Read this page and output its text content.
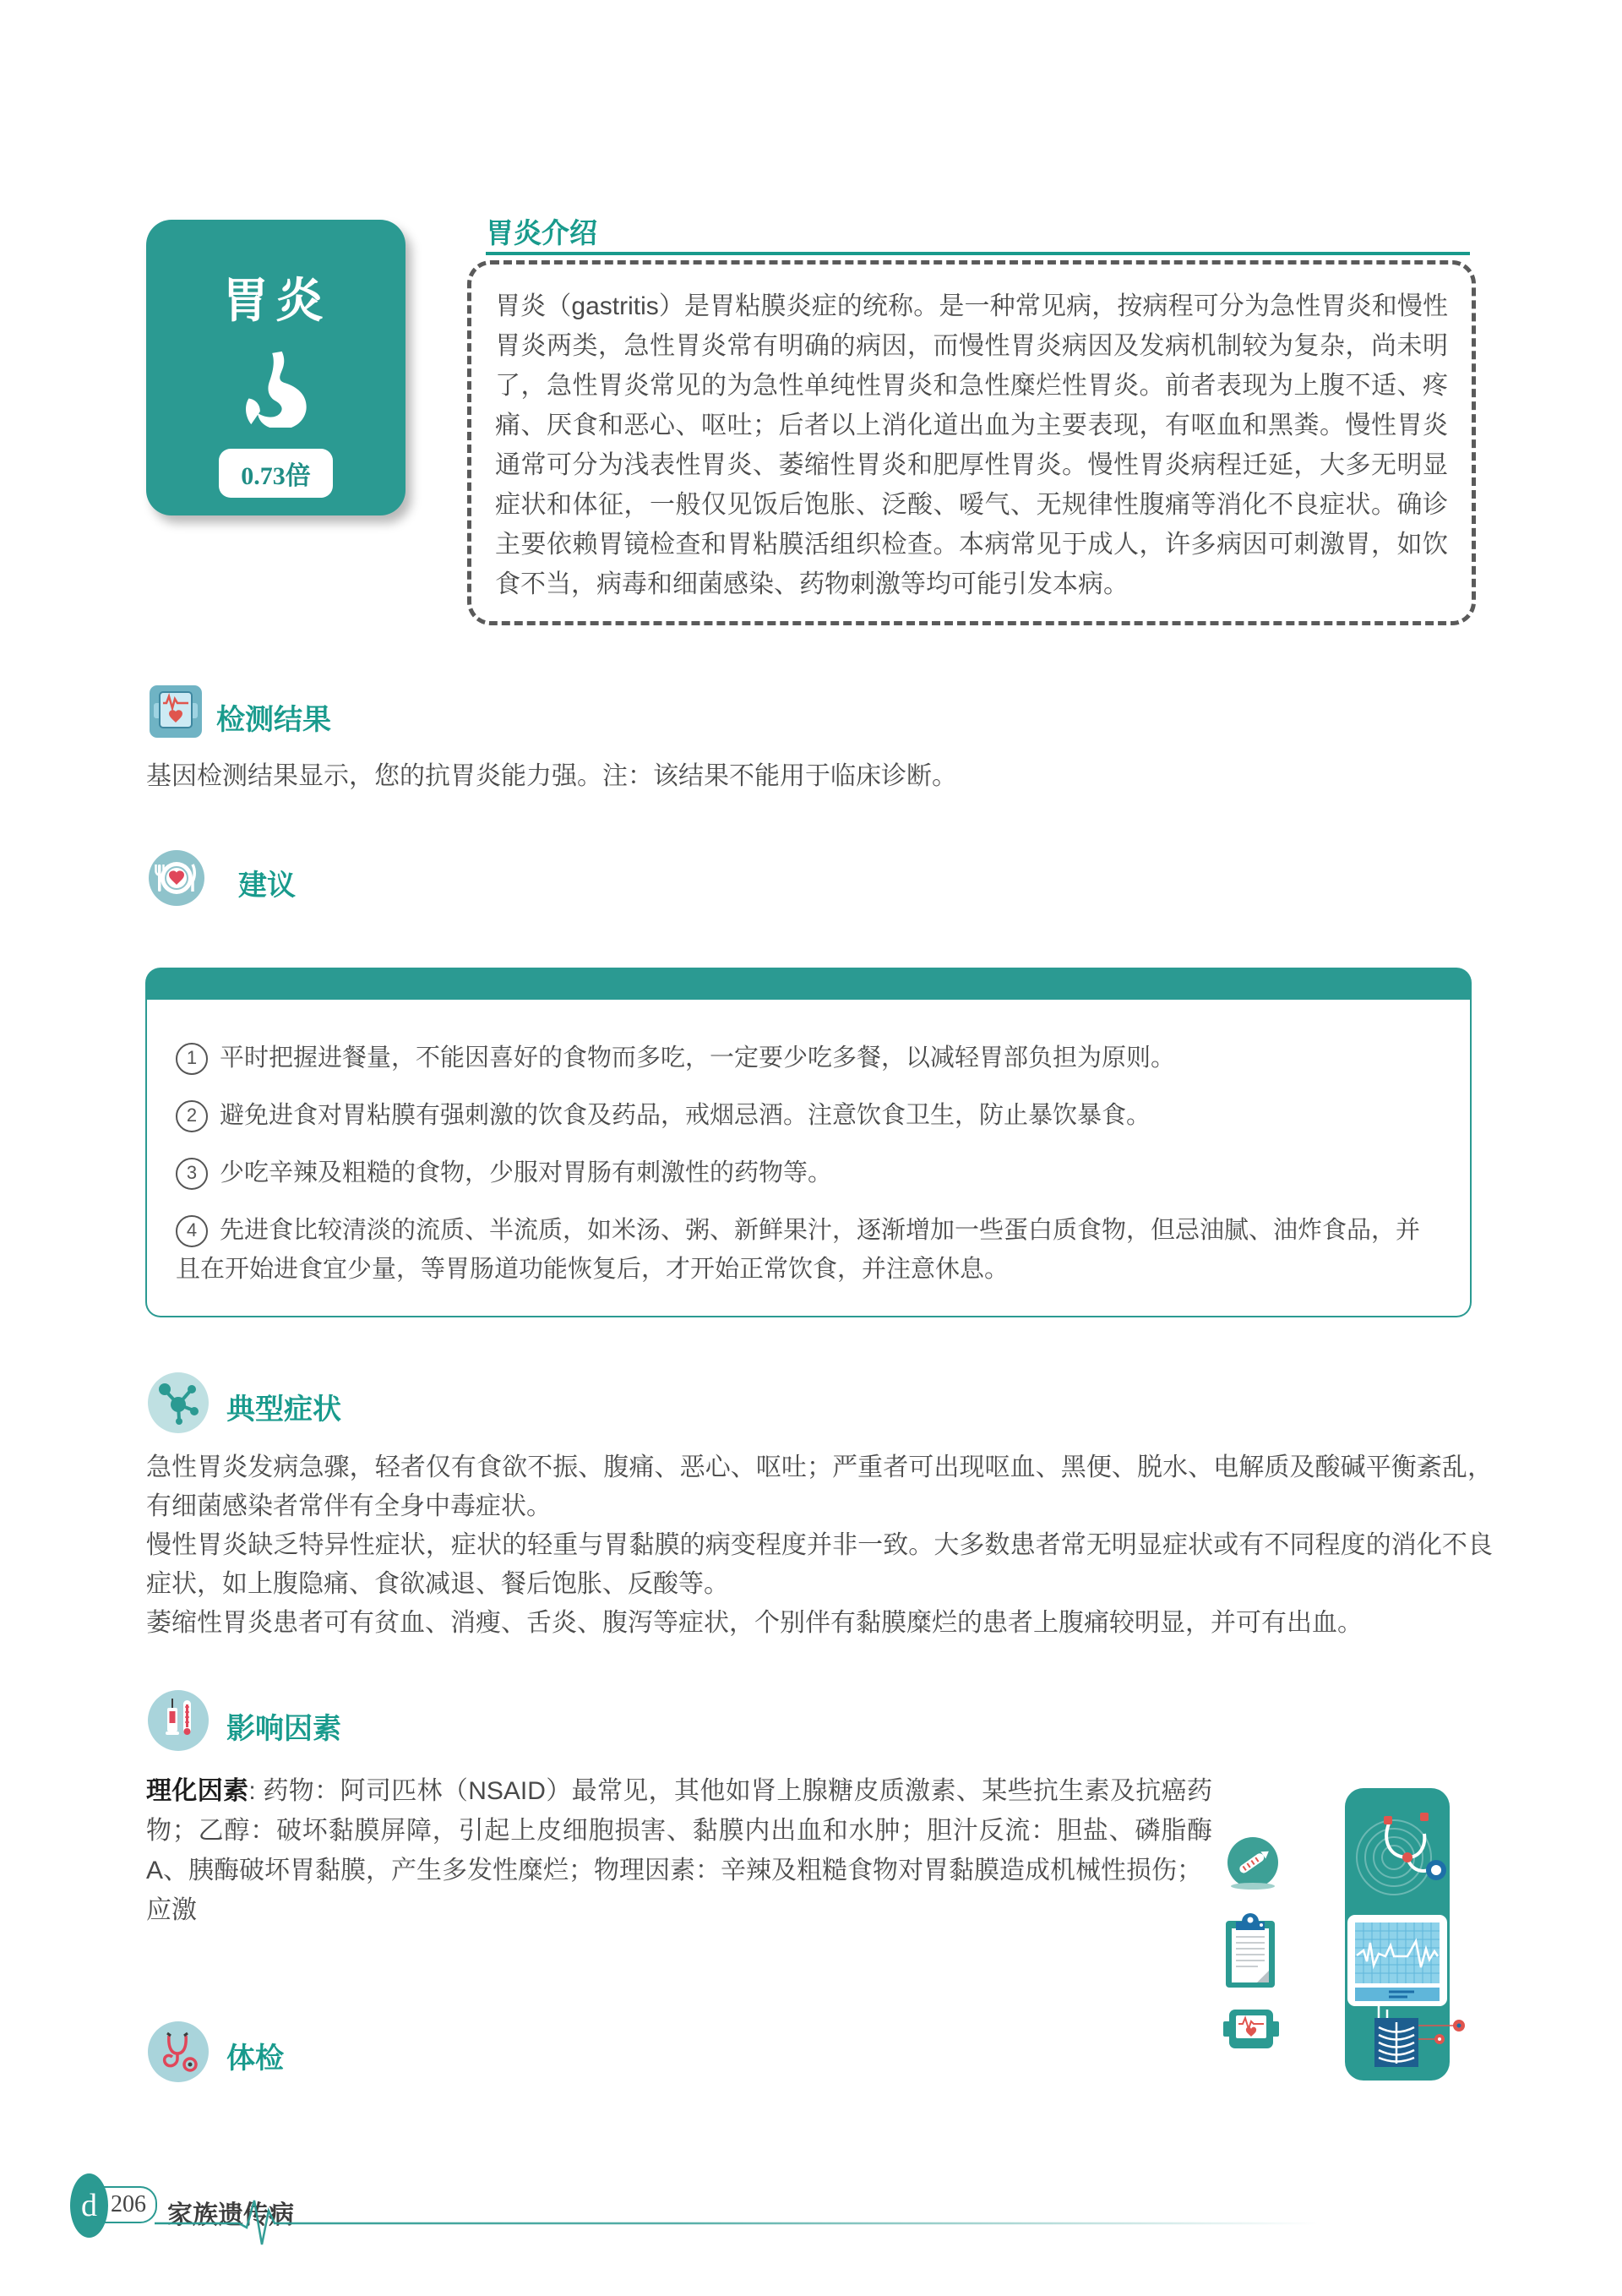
胃炎
0.73倍
胃炎介绍
胃炎（gastritis）是胃粘膜炎症的统称。是一种常见病，按病程可分为急性胃炎和慢性胃炎两类，急性胃炎常有明确的病因，而慢性胃炎病因及发病机制较为复杂，尚未明了，急性胃炎常见的为急性单纯性胃炎和急性糜烂性胃炎。前者表现为上腹不适、疼痛、厌食和恶心、呕吐；后者以上消化道出血为主要表现，有呕血和黑粪。慢性胃炎通常可分为浅表性胃炎、萎缩性胃炎和肥厚性胃炎。慢性胃炎病程迁延，大多无明显症状和体征，一般仅见饭后饱胀、泛酸、嗳气、无规律性腹痛等消化不良症状。确诊主要依赖胃镜检查和胃粘膜活组织检查。本病常见于成人，许多病因可刺激胃，如饮食不当，病毒和细菌感染、药物刺激等均可能引发本病。
检测结果
基因检测结果显示，您的抗胃炎能力强。注：该结果不能用于临床诊断。
建议
1 平时把握进餐量，不能因喜好的食物而多吃，一定要少吃多餐，以减轻胃部负担为原则。
2 避免进食对胃粘膜有强刺激的饮食及药品，戒烟忌酒。注意饮食卫生，防止暴饮暴食。
3 少吃辛辣及粗糙的食物，少服对胃肠有刺激性的药物等。
4 先进食比较清淡的流质、半流质，如米汤、粥、新鲜果汁，逐渐增加一些蛋白质食物，但忌油腻、油炸食品，并且在开始进食宜少量，等胃肠道功能恢复后，才开始正常饮食，并注意休息。
典型症状

急性胃炎发病急骤，轻者仅有食欲不振、腹痛、恶心、呕吐；严重者可出现呕血、黑便、脱水、电解质及酸碱平衡紊乱，有细菌感染者常伴有全身中毒症状。

慢性胃炎缺乏特异性症状，症状的轻重与胃黏膜的病变程度并非一致。大多数患者常无明显症状或有不同程度的消化不良症状，如上腹隐痛、食欲减退、餐后饱胀、反酸等。

萎缩性胃炎患者可有贫血、消瘦、舌炎、腹泻等症状，个别伴有黏膜糜烂的患者上腹痛较明显，并可有出血。

影响因素
理化因素: 药物：阿司匹林（NSAID）最常见，其他如肾上腺糖皮质激素、某些抗生素及抗癌药物；乙醇：破坏黏膜屏障，引起上皮细胞损害、黏膜内出血和水肿；胆汁反流：胆盐、磷脂酶A、胰酶破坏胃黏膜，产生多发性糜烂；物理因素：辛辣及粗糙食物对胃黏膜造成机械性损伤；
应激
体检
206
d	家族遗传病
